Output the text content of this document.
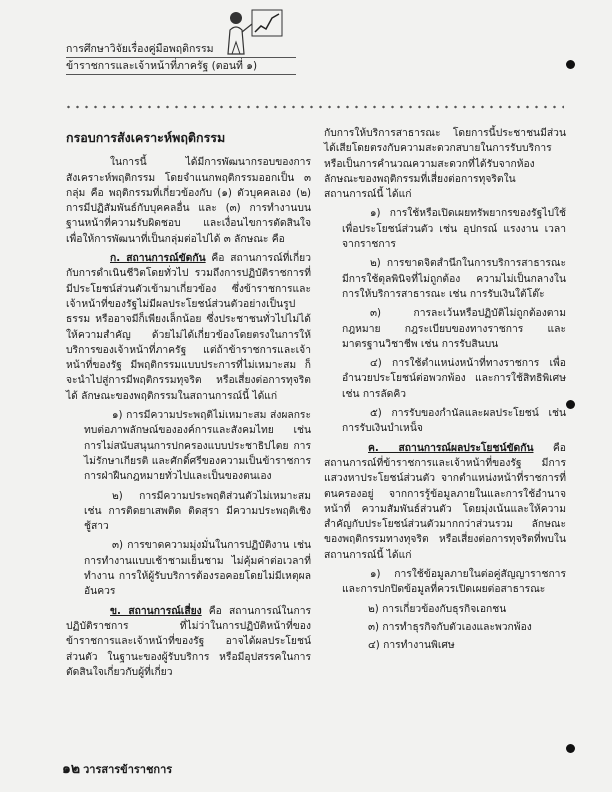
การศึกษาวิจัยเรื่องคู่มือพฤติกรรม
ข้าราชการและเจ้าหน้าที่ภาครัฐ (ตอนที่ ๑)

กรอบการสังเคราะห์พฤติกรรม

ในการนี้ ได้มีการพัฒนากรอบของการสังเคราะห์พฤติกรรม โดยจำแนกพฤติกรรมออกเป็น ๓ กลุ่ม คือ พฤติกรรมที่เกี่ยวข้องกับ (๑) ตัวบุคคลเอง (๒) การมีปฏิสัมพันธ์กับบุคคลอื่น และ (๓) การทำงานบนฐานหน้าที่ความรับผิดชอบ และเงื่อนไขการตัดสินใจ เพื่อให้การพัฒนาที่เป็นกลุ่มต่อไปได้ ๓ ลักษณะ คือ

ก. สถานการณ์ขัดกัน คือ สถานการณ์ที่เกี่ยวกับการดำเนินชีวิตโดยทั่วไป รวมถึงการปฏิบัติราชการที่มีประโยชน์ส่วนตัวเข้ามาเกี่ยวข้อง ซึ่งข้าราชการและเจ้าหน้าที่ของรัฐไม่มีผลประโยชน์ส่วนตัวอย่างเป็นรูปธรรม หรืออาจมีก็เพียงเล็กน้อย ซึ่งประชาชนทั่วไปไม่ได้ให้ความสำคัญ ด้วยไม่ได้เกี่ยวข้องโดยตรงในการให้บริการของเจ้าหน้าที่ภาครัฐ แต่ถ้าข้าราชการและเจ้าหน้าที่ของรัฐ มีพฤติกรรมแบบประการที่ไม่เหมาะสม ก็จะนำไปสู่การมีพฤติกรรมทุจริต หรือเสี่ยงต่อการทุจริตได้ ลักษณะของพฤติกรรมในสถานการณ์นี้ ได้แก่

๑) การมีความประพฤติไม่เหมาะสม ส่งผลกระทบต่อภาพลักษณ์ขององค์การและสังคมไทย เช่น การไม่สนับสนุนการปกครองแบบประชาธิปไตย การไม่รักษาเกียรติ และศักดิ์ศรีของความเป็นข้าราชการ การฝ่าฝืนกฎหมายทั่วไปและเป็นของตนเอง

๒) การมีความประพฤติส่วนตัวไม่เหมาะสม เช่น การติดยาเสพติด ติดสุรา มีความประพฤติเชิงชู้สาว

๓) การขาดความมุ่งมั่นในการปฏิบัติงาน เช่น การทำงานแบบเช้าชามเย็นชาม ไม่คุ้มค่าต่อเวลาที่ทำงาน การให้ผู้รับบริการต้องรอคอยโดยไม่มีเหตุผลอันควร

ข. สถานการณ์เสี่ยง คือ สถานการณ์ในการปฏิบัติราชการ ที่ไม่ว่าในการปฏิบัติหน้าที่ของข้าราชการและเจ้าหน้าที่ของรัฐ อาจได้ผลประโยชน์ส่วนตัว ในฐานะของผู้รับบริการ หรือมีอุปสรรคในการตัดสินใจเกี่ยวกับผู้ที่เกี่ยว

กับการให้บริการสาธารณะ โดยการนี้ประชาชนมีส่วนได้เสียโดยตรงกับความสะดวกสบายในการรับบริการ หรือเป็นการคำนวณความสะดวกที่ได้รับจากห้องลักษณะของพฤติกรรมที่เสี่ยงต่อการทุจริตในสถานการณ์นี้ ได้แก่

๑) การใช้หรือเปิดเผยทรัพยากรของรัฐไปใช้เพื่อประโยชน์ส่วนตัว เช่น อุปกรณ์ แรงงาน เวลาจากราชการ

๒) การขาดจิตสำนึกในการบริการสาธารณะ มีการใช้ดุลพินิจที่ไม่ถูกต้อง ความไม่เป็นกลางในการให้บริการสาธารณะ เช่น การรับเงินใต้โต๊ะ

๓) การละเว้นหรือปฏิบัติไม่ถูกต้องตามกฎหมาย กฎระเบียบของทางราชการ และมาตรฐานวิชาชีพ เช่น การรับสินบน

๔) การใช้ตำแหน่งหน้าที่ทางราชการ เพื่ออำนวยประโยชน์ต่อพวกพ้อง และการใช้สิทธิพิเศษ เช่น การลัดคิว

๕) การรับของกำนัลและผลประโยชน์ เช่น การรับเงินบำเหน็จ

ค. สถานการณ์ผลประโยชน์ขัดกัน คือ สถานการณ์ที่ข้าราชการและเจ้าหน้าที่ของรัฐ มีการแสวงหาประโยชน์ส่วนตัว จากตำแหน่งหน้าที่ราชการที่ตนครองอยู่ จากการรู้ข้อมูลภายในและการใช้อำนาจหน้าที่ ความสัมพันธ์ส่วนตัว โดยมุ่งเน้นและให้ความสำคัญกับประโยชน์ส่วนตัวมากกว่าส่วนรวม ลักษณะของพฤติกรรมทางทุจริต หรือเสี่ยงต่อการทุจริตที่พบในสถานการณ์นี้ ได้แก่

๑) การใช้ข้อมูลภายในต่อคู่สัญญาราชการ และการปกปิดข้อมูลที่ควรเปิดเผยต่อสาธารณะ

๒) การเกี่ยวข้องกับธุรกิจเอกชน

๓) การทำธุรกิจกับตัวเองและพวกพ้อง

๔) การทำงานพิเศษ

๑๒ วารสารข้าราชการ
